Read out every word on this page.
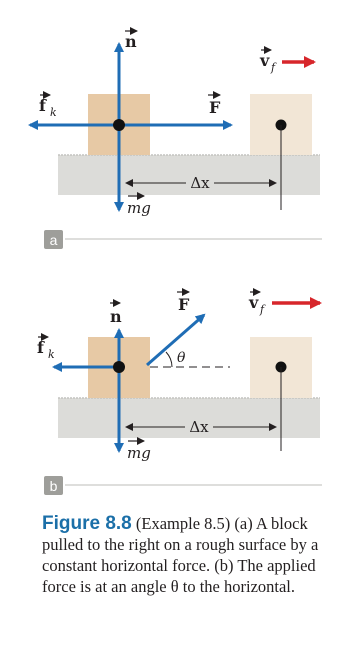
Δx
n
f k	F
mg
v f
a
θ
Δx
n
f k
F
mg
v f
b
Figure 8.8 (Example 8.5) (a) A block pulled to the right on a rough surface by a constant horizontal force. (b) The applied force is at an angle θ to the horizontal.
